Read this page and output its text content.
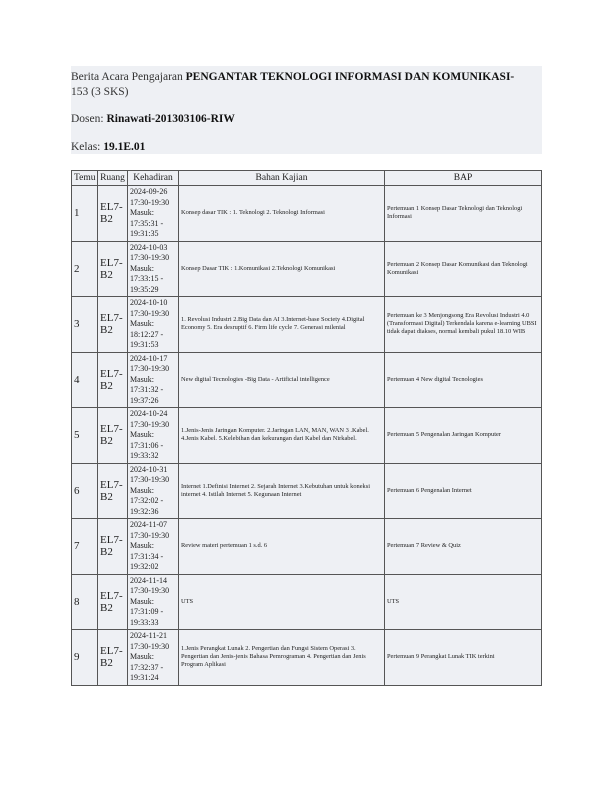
Berita Acara Pengajaran PENGANTAR TEKNOLOGI INFORMASI DAN KOMUNIKASI-
153 (3 SKS)
Dosen: Rinawati-201303106-RIW
Kelas: 19.1E.01
Temu	Ruang	Kehadiran	Bahan Kajian	BAP
1	EL7-B2	2024-09-26
17:30-19:30
Masuk:
17:35:31 -
19:31:35	Konsep dasar TIK : 1. Teknologi 2. Teknologi Informasi	Pertemuan 1 Konsep Dasar Teknologi dan Teknologi Informasi
2	EL7-B2	2024-10-03
17:30-19:30
Masuk:
17:33:15 -
19:35:29	Konsep Dasar TIK : 1.Komunikasi 2.Teknologi Komunikasi	Pertemuan 2 Konsep Dasar Komunikasi dan Teknologi Komunikasi
3	EL7-B2	2024-10-10
17:30-19:30
Masuk:
18:12:27 -
19:31:53	1. Revolusi Industri 2.Big Data dan AI 3.Internet-base Society 4.Digital Economy 5. Era desruptif 6. Firm life cycle 7. Generasi milenial	Pertemuan ke 3 Menjongsong Era Revolusi Industri 4.0 (Transformasi Digital) Terkendala karena e-learning UBSI tidak dapat diakses, normal kembali pukul 18.10 WIB
4	EL7-B2	2024-10-17
17:30-19:30
Masuk:
17:31:32 -
19:37:26	New digital Tecnologies -Big Data - Artificial intelligence	Pertemuan 4 New digital Tecnologies
5	EL7-B2	2024-10-24
17:30-19:30
Masuk:
17:31:06 -
19:33:32	1.Jenis-Jenis Jaringan Komputer. 2.Jaringan LAN, MAN, WAN 3 .Kabel. 4.Jenis Kabel. 5.Kelebihan dan kekurangan dari Kabel dan Nirkabel.	Pertemuan 5 Pengenalan Jaringan Komputer
6	EL7-B2	2024-10-31
17:30-19:30
Masuk:
17:32:02 -
19:32:36	Internet 1.Definisi Internet 2. Sejarah Internet 3.Kebutuhan untuk koneksi internet 4. Istilah Internet 5. Kegunaan Internet	Pertemuan 6 Pengenalan Internet
7	EL7-B2	2024-11-07
17:30-19:30
Masuk:
17:31:34 -
19:32:02	Review materi pertemuan 1 s.d. 6	Pertemuan 7 Review & Quiz
8	EL7-B2	2024-11-14
17:30-19:30
Masuk:
17:31:09 -
19:33:33	UTS	UTS
9	EL7-B2	2024-11-21
17:30-19:30
Masuk:
17:32:37 -
19:31:24	1.Jenis Perangkat Lunak 2. Pengertian dan Fungsi Sistem Operasi 3. Pengertian dan Jenis-jenis Bahasa Pemrograman 4. Pengertian dan Jenis Program Aplikasi	Pertemuan 9 Perangkat Lunak TIK terkini
